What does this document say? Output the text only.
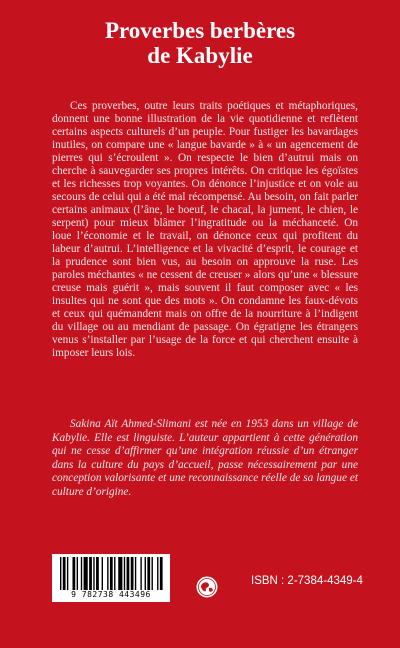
Proverbes berbères
de Kabylie

Ces proverbes, outre leurs traits poétiques et métaphoriques, donnent une bonne illustration de la vie quotidienne et reflètent certains aspects culturels d’un peuple. Pour fustiger les bavardages inutiles, on compare une « langue bavarde » à « un agencement de pierres qui s’écroulent ». On respecte le bien d’autrui mais on cherche à sauvegarder ses propres intérêts. On critique les égoïstes et les richesses trop voyantes. On dénonce l’injustice et on vole au secours de celui qui a été mal récompensé. Au besoin, on fait parler certains animaux (l’âne, le boeuf, le chacal, la jument, le chien, le serpent) pour mieux blâmer l’ingratitude ou la méchanceté. On loue l’économie et le travail, on dénonce ceux qui profitent du labeur d’autrui. L’intelligence et la vivacité d’esprit, le courage et la prudence sont bien vus, au besoin on approuve la ruse. Les paroles méchantes « ne cessent de creuser » alors qu’une « blessure creuse mais guérit », mais souvent il faut composer avec « les insultes qui ne sont que des mots ». On condamne les faux-dévots et ceux qui quémandent mais on offre de la nourriture à l’indigent du village ou au mendiant de passage. On égratigne les étrangers venus s’installer par l’usage de la force et qui cherchent ensuite à imposer leurs lois.

Sakina Aït Ahmed-Slimani est née en 1953 dans un village de Kabylie. Elle est linguiste. L’auteur appartient à cette génération qui ne cesse d’affirmer qu’une intégration réussie d’un étranger dans la culture du pays d’accueil, passe nécessairement par une conception valorisante et une reconnaissance réelle de sa langue et culture d’origine.

9 782738 443496
ISBN : 2-7384-4349-4
